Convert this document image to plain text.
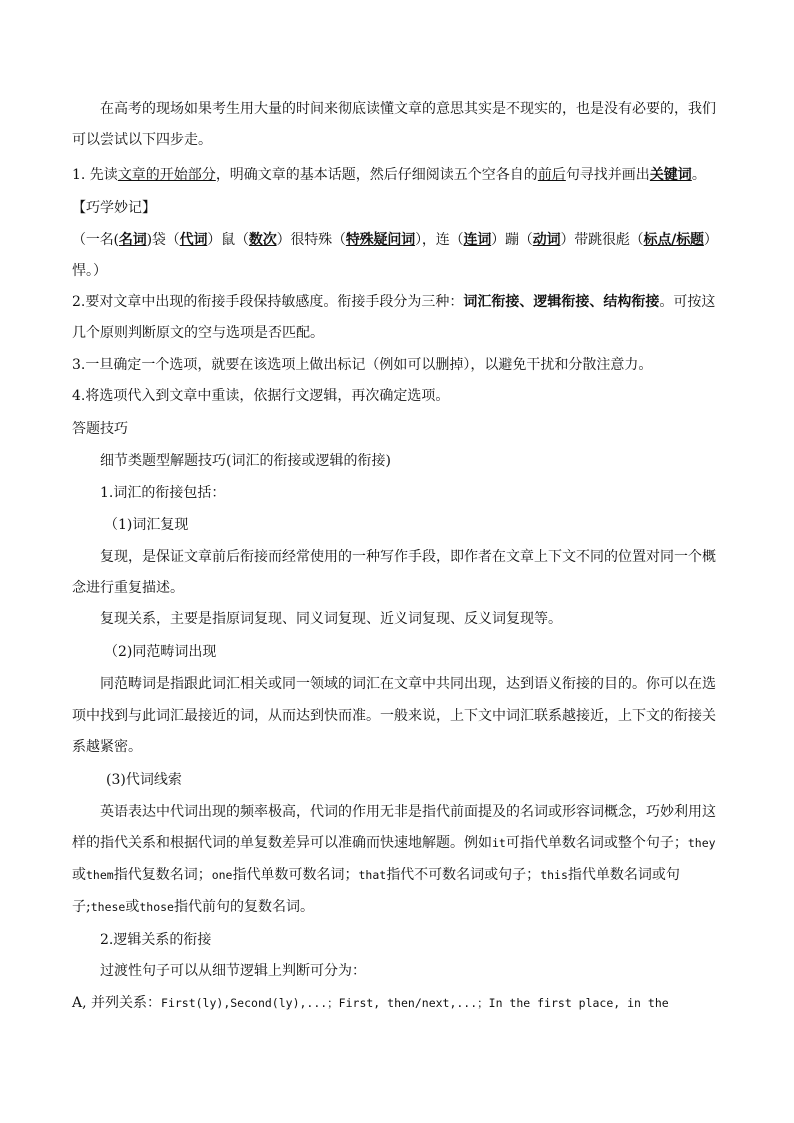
在高考的现场如果考生用大量的时间来彻底读懂文章的意思其实是不现实的，也是没有必要的，我们
可以尝试以下四步走。
1. 先读文章的开始部分，明确文章的基本话题，然后仔细阅读五个空各自的前后句寻找并画出关键词。
【巧学妙记】
（一名(名词)袋（代词）鼠（数次）很特殊（特殊疑问词），连（连词）蹦（动词）带跳很彪（标点/标题）
悍。）
2.要对文章中出现的衔接手段保持敏感度。衔接手段分为三种：词汇衔接、逻辑衔接、结构衔接。可按这
几个原则判断原文的空与选项是否匹配。
3.一旦确定一个选项，就要在该选项上做出标记（例如可以删掉），以避免干扰和分散注意力。
4.将选项代入到文章中重读，依据行文逻辑，再次确定选项。
答题技巧
细节类题型解题技巧(词汇的衔接或逻辑的衔接)
1.词汇的衔接包括：
（1)词汇复现
复现，是保证文章前后衔接而经常使用的一种写作手段，即作者在文章上下文不同的位置对同一个概
念进行重复描述。
复现关系，主要是指原词复现、同义词复现、近义词复现、反义词复现等。
（2)同范畴词出现
同范畴词是指跟此词汇相关或同一领域的词汇在文章中共同出现，达到语义衔接的目的。你可以在选
项中找到与此词汇最接近的词，从而达到快而准。一般来说，上下文中词汇联系越接近，上下文的衔接关
系越紧密。
(3)代词线索
英语表达中代词出现的频率极高，代词的作用无非是指代前面提及的名词或形容词概念，巧妙利用这
样的指代关系和根据代词的单复数差异可以准确而快速地解题。例如it可指代单数名词或整个句子；they
或them指代复数名词；one指代单数可数名词；that指代不可数名词或句子；this指代单数名词或句
子;these或those指代前句的复数名词。
2.逻辑关系的衔接
过渡性句子可以从细节逻辑上判断可分为：
A, 并列关系：First(ly),Second(ly),...；First, then/next,...；In the first place, in the
